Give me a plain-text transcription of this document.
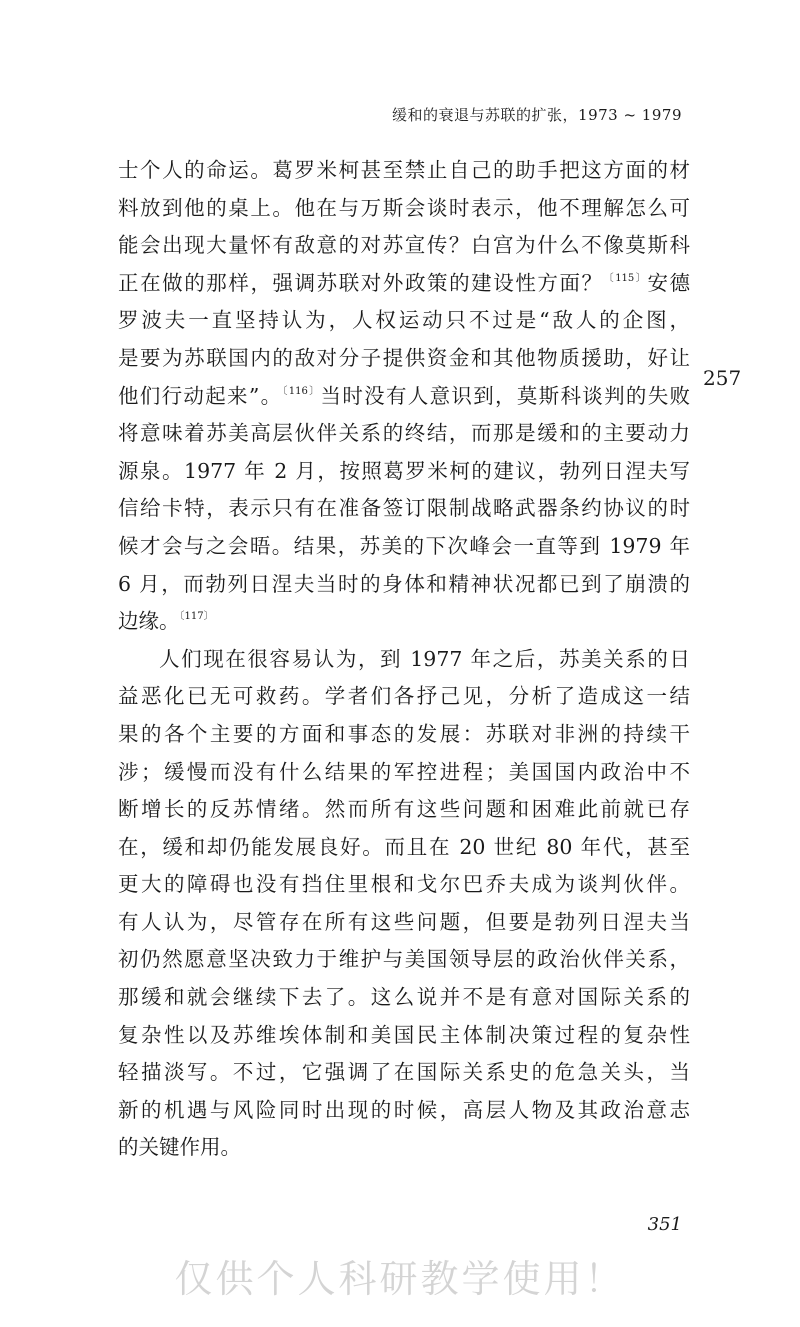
缓和的衰退与苏联的扩张，1973 ~ 1979
257
士个人的命运。葛罗米柯甚至禁止自己的助手把这方面的材
料放到他的桌上。他在与万斯会谈时表示，他不理解怎么可
能会出现大量怀有敌意的对苏宣传？白宫为什么不像莫斯科
正在做的那样，强调苏联对外政策的建设性方面？$^{〔115〕}$安德
罗波夫一直坚持认为，人权运动只不过是“敌人的企图，
是要为苏联国内的敌对分子提供资金和其他物质援助，好让
他们行动起来”。$^{〔116〕}$当时没有人意识到，莫斯科谈判的失败
将意味着苏美高层伙伴关系的终结，而那是缓和的主要动力
源泉。1977 年 2 月，按照葛罗米柯的建议，勃列日涅夫写
信给卡特，表示只有在准备签订限制战略武器条约协议的时
候才会与之会晤。结果，苏美的下次峰会一直等到 1979 年
6 月，而勃列日涅夫当时的身体和精神状况都已到了崩溃的
边缘。$^{〔117〕}$
人们现在很容易认为，到 1977 年之后，苏美关系的日
益恶化已无可救药。学者们各抒己见，分析了造成这一结
果的各个主要的方面和事态的发展：苏联对非洲的持续干
涉；缓慢而没有什么结果的军控进程；美国国内政治中不
断增长的反苏情绪。然而所有这些问题和困难此前就已存
在，缓和却仍能发展良好。而且在 20 世纪 80 年代，甚至
更大的障碍也没有挡住里根和戈尔巴乔夫成为谈判伙伴。
有人认为，尽管存在所有这些问题，但要是勃列日涅夫当
初仍然愿意坚决致力于维护与美国领导层的政治伙伴关系，
那缓和就会继续下去了。这么说并不是有意对国际关系的
复杂性以及苏维埃体制和美国民主体制决策过程的复杂性
轻描淡写。不过，它强调了在国际关系史的危急关头，当
新的机遇与风险同时出现的时候，高层人物及其政治意志
的关键作用。
351
仅供个人科研教学使用！
